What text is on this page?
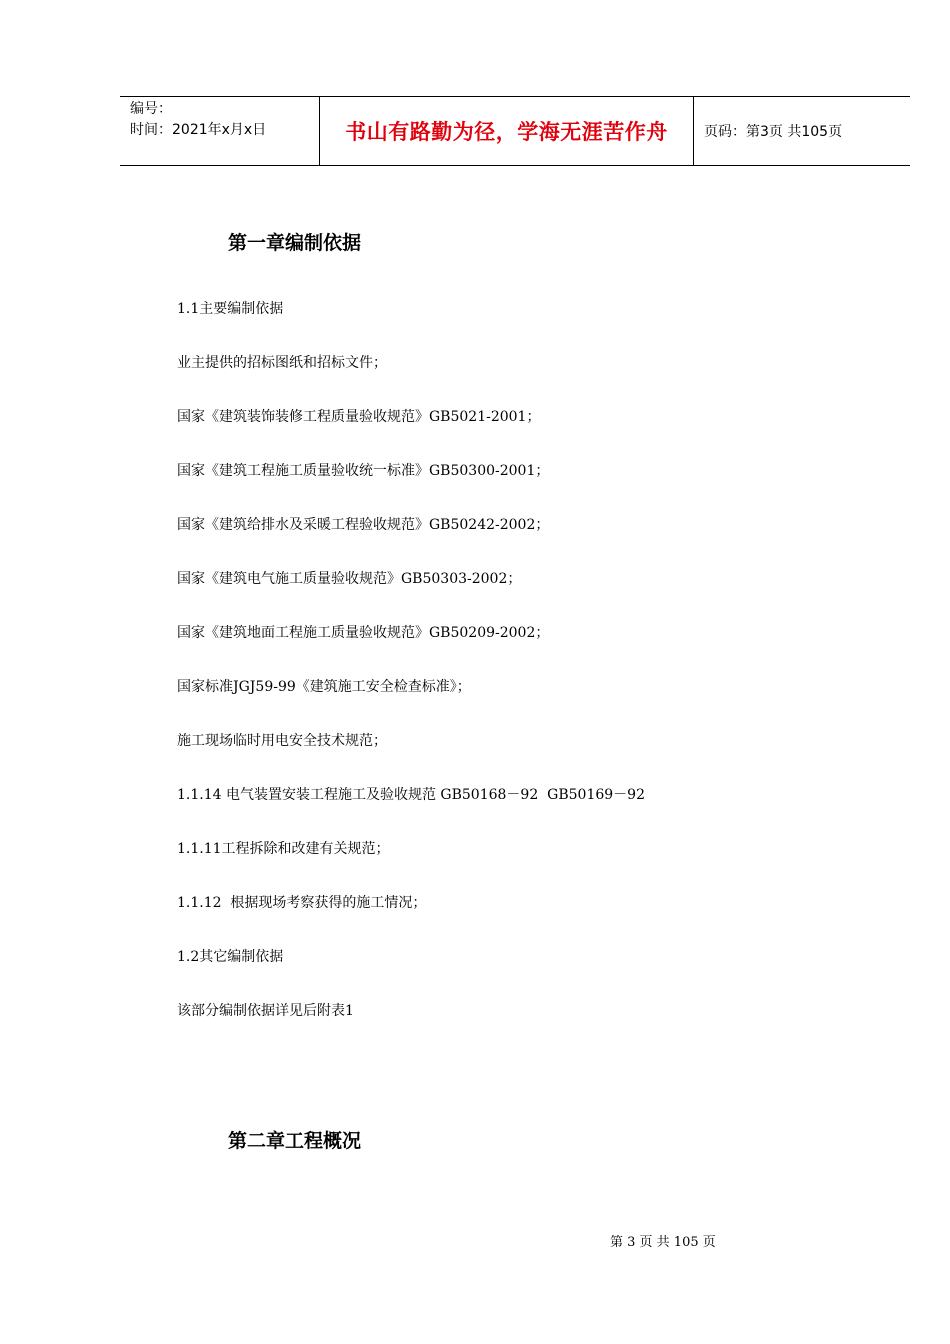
编号：
时间：2021年x月x日	书山有路勤为径，学海无涯苦作舟	页码：第3页 共105页
第一章编制依据
1.1主要编制依据
业主提供的招标图纸和招标文件；
国家《建筑装饰装修工程质量验收规范》GB5021-2001；
国家《建筑工程施工质量验收统一标准》GB50300-2001；
国家《建筑给排水及采暖工程验收规范》GB50242-2002；
国家《建筑电气施工质量验收规范》GB50303-2002；
国家《建筑地面工程施工质量验收规范》GB50209-2002；
国家标准JGJ59-99《建筑施工安全检查标准》；
施工现场临时用电安全技术规范；
1.1.14 电气装置安装工程施工及验收规范 GB50168－92  GB50169－92
1.1.11工程拆除和改建有关规范；
1.1.12  根据现场考察获得的施工情况；
1.2其它编制依据
该部分编制依据详见后附表1
第二章工程概况
第 3 页 共 105 页
